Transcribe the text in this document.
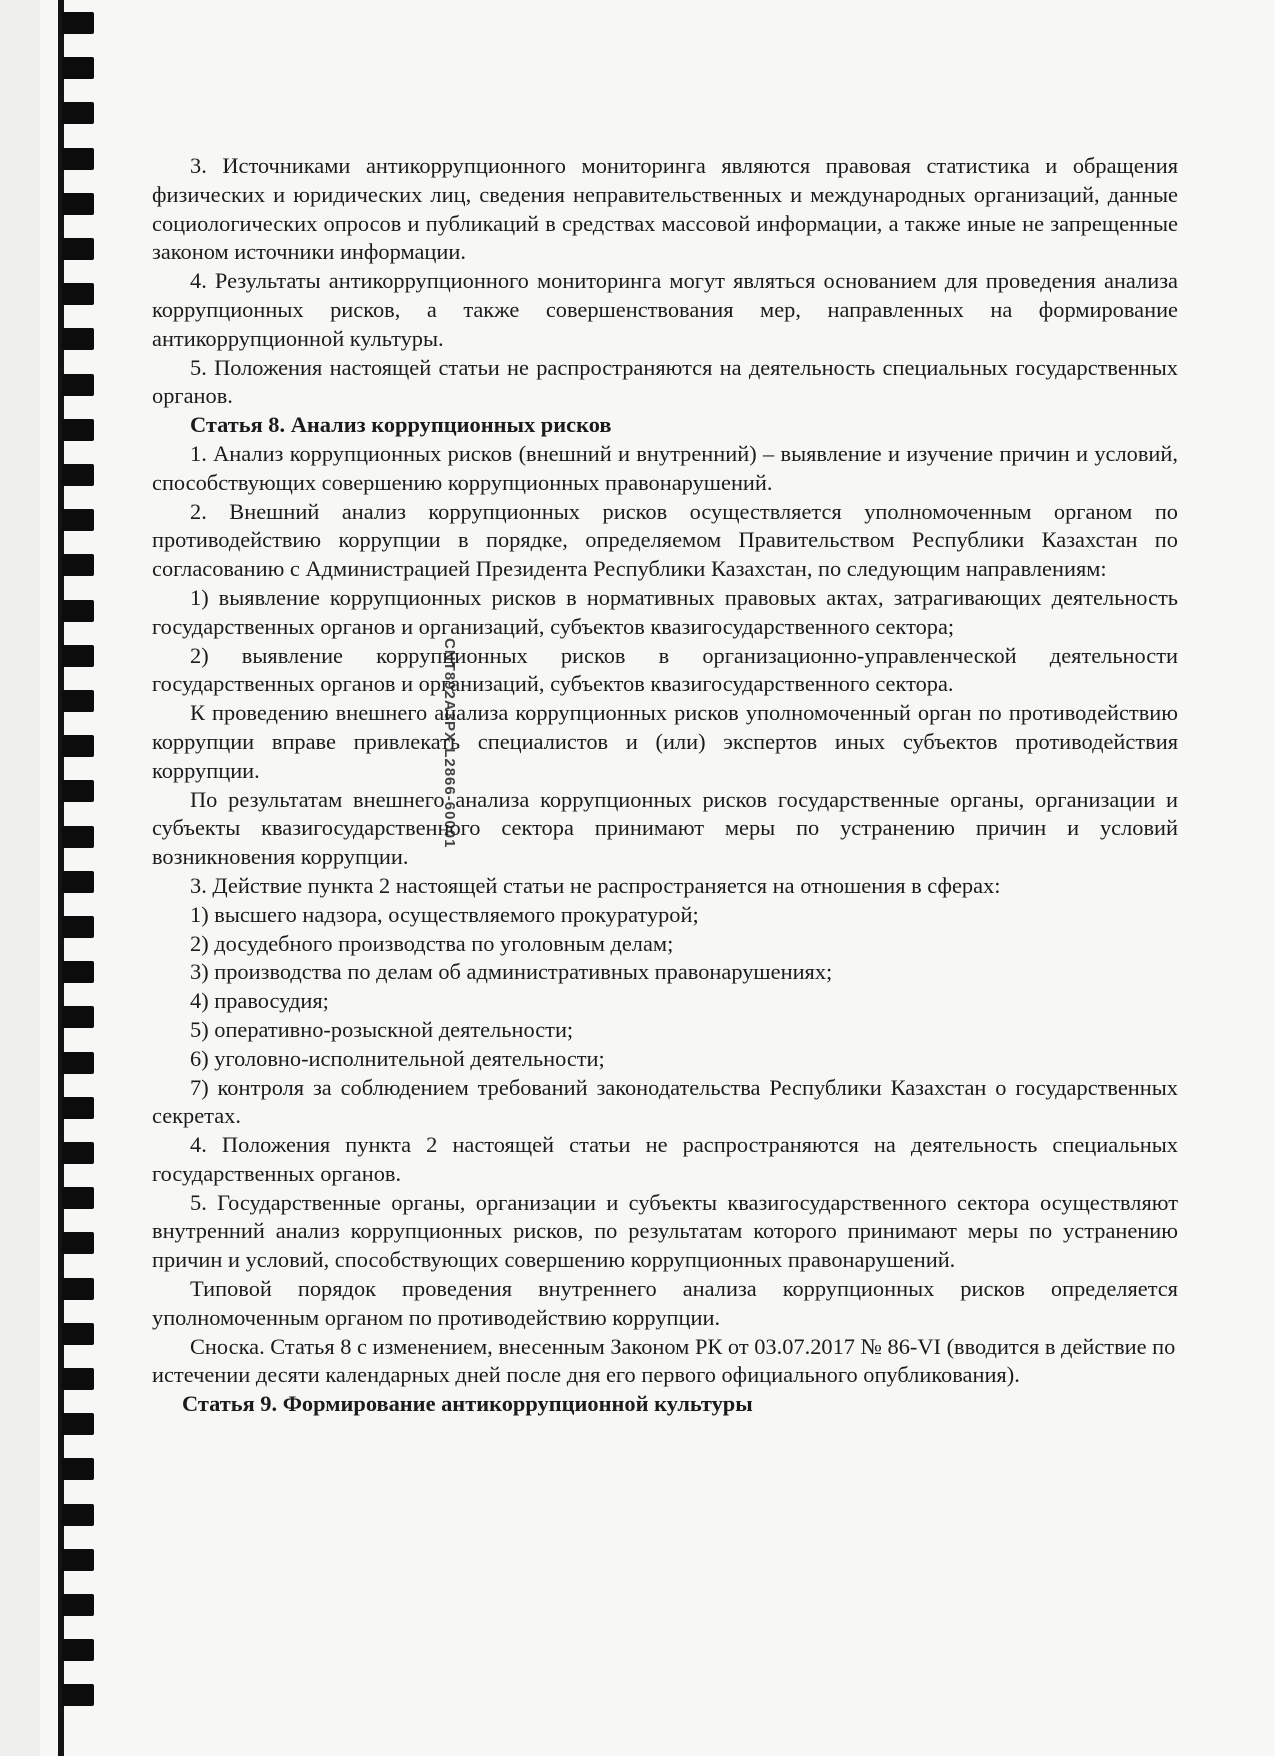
CNT892A3PX L2866-60001

3. Источниками антикоррупционного мониторинга являются правовая статистика и обращения физических и юридических лиц, сведения неправительственных и международных организаций, данные социологических опросов и публикаций в средствах массовой информации, а также иные не запрещенные законом источники информации.

4. Результаты антикоррупционного мониторинга могут являться основанием для проведения анализа коррупционных рисков, а также совершенствования мер, направленных на формирование антикоррупционной культуры.

5. Положения настоящей статьи не распространяются на деятельность специальных государственных органов.

Статья 8. Анализ коррупционных рисков

1. Анализ коррупционных рисков (внешний и внутренний) – выявление и изучение причин и условий, способствующих совершению коррупционных правонарушений.

2. Внешний анализ коррупционных рисков осуществляется уполномоченным органом по противодействию коррупции в порядке, определяемом Правительством Республики Казахстан по согласованию с Администрацией Президента Республики Казахстан, по следующим направлениям:

1) выявление коррупционных рисков в нормативных правовых актах, затрагивающих деятельность государственных органов и организаций, субъектов квазигосударственного сектора;

2) выявление коррупционных рисков в организационно-управленческой деятельности государственных органов и организаций, субъектов квазигосударственного сектора.

К проведению внешнего анализа коррупционных рисков уполномоченный орган по противодействию коррупции вправе привлекать специалистов и (или) экспертов иных субъектов противодействия коррупции.

По результатам внешнего анализа коррупционных рисков государственные органы, организации и субъекты квазигосударственного сектора принимают меры по устранению причин и условий возникновения коррупции.

3. Действие пункта 2 настоящей статьи не распространяется на отношения в сферах:

1) высшего надзора, осуществляемого прокуратурой;

2) досудебного производства по уголовным делам;

3) производства по делам об административных правонарушениях;

4) правосудия;

5) оперативно-розыскной деятельности;

6) уголовно-исполнительной деятельности;

7) контроля за соблюдением требований законодательства Республики Казахстан о государственных секретах.

4. Положения пункта 2 настоящей статьи не распространяются на деятельность специальных государственных органов.

5. Государственные органы, организации и субъекты квазигосударственного сектора осуществляют внутренний анализ коррупционных рисков, по результатам которого принимают меры по устранению причин и условий, способствующих совершению коррупционных правонарушений.

Типовой порядок проведения внутреннего анализа коррупционных рисков определяется уполномоченным органом по противодействию коррупции.

Сноска. Статья 8 с изменением, внесенным Законом РК от 03.07.2017 № 86-VI (вводится в действие по истечении десяти календарных дней после дня его первого официального опубликования).

Статья 9. Формирование антикоррупционной культуры
